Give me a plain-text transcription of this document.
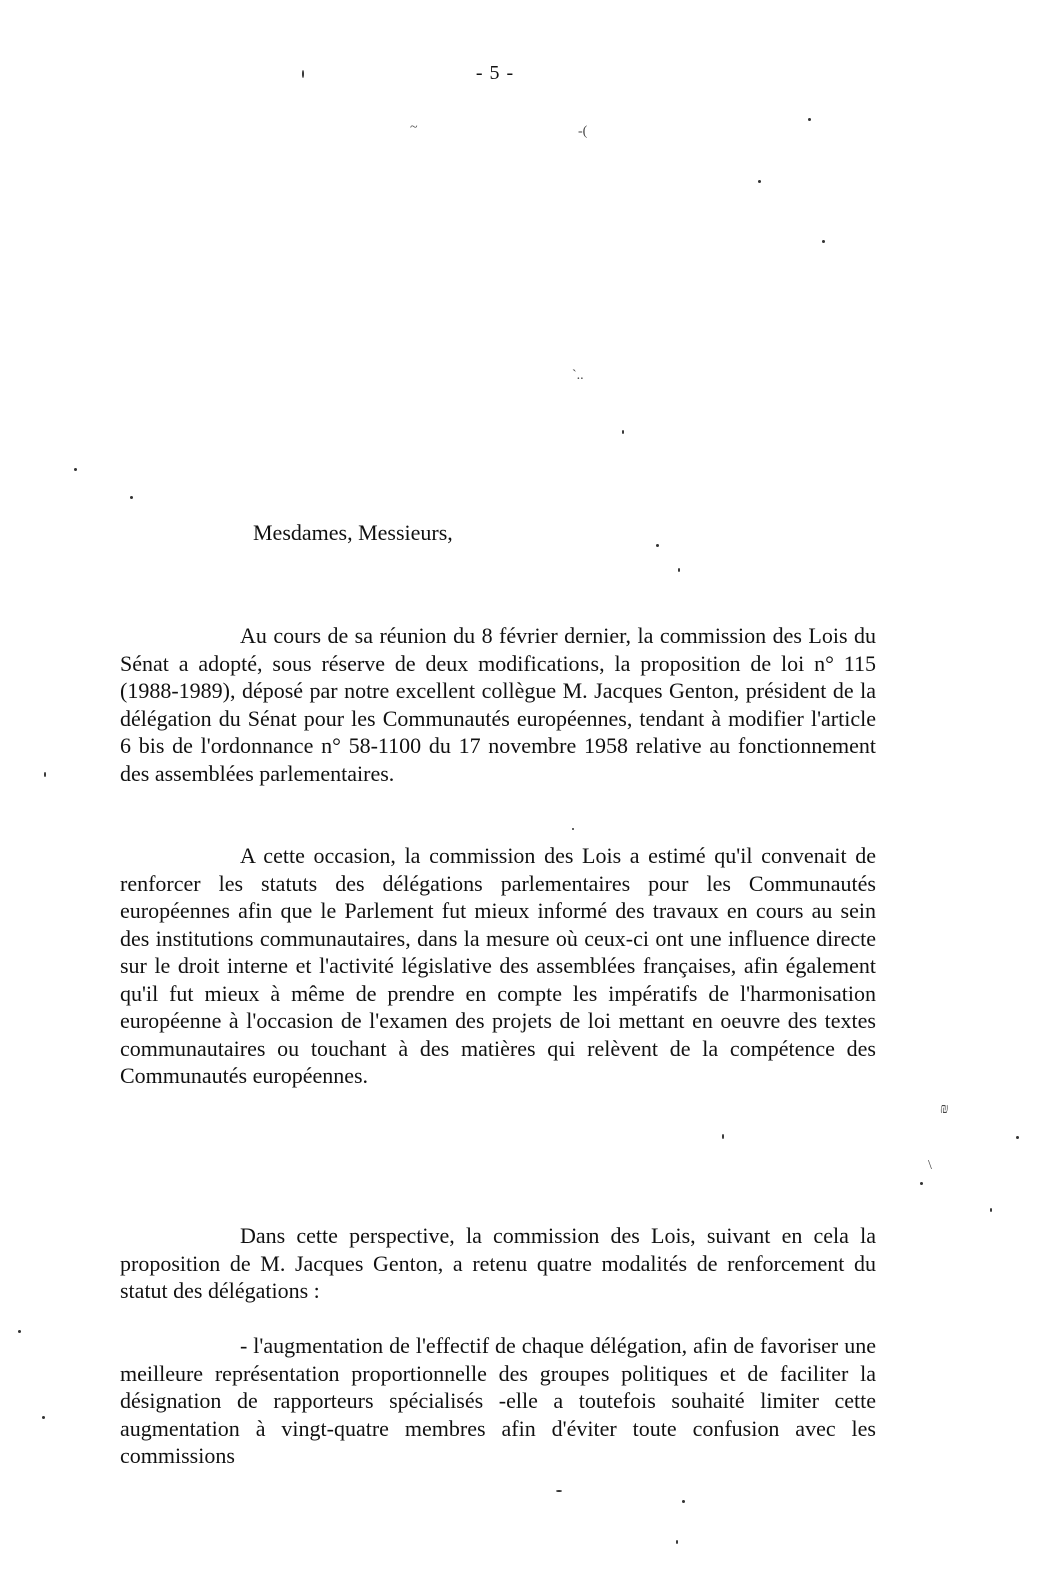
- 5 -
Mesdames, Messieurs,

Au cours de sa réunion du 8 février dernier, la commission des Lois du Sénat a adopté, sous réserve de deux modifications, la proposition de loi n° 115 (1988-1989), déposé par notre excellent collègue M. Jacques Genton, président de la délégation du Sénat pour les Communautés européennes, tendant à modifier l'article 6 bis de l'ordonnance n° 58-1100 du 17 novembre 1958 relative au fonctionnement des assemblées parlementaires.

A cette occasion, la commission des Lois a estimé qu'il convenait de renforcer les statuts des délégations parlementaires pour les Communautés européennes afin que le Parlement fut mieux informé des travaux en cours au sein des institutions communautaires, dans la mesure où ceux-ci ont une influence directe sur le droit interne et l'activité législative des assemblées françaises, afin également qu'il fut mieux à même de prendre en compte les impératifs de l'harmonisation européenne à l'occasion de l'examen des projets de loi mettant en oeuvre des textes communautaires ou touchant à des matières qui relèvent de la compétence des Communautés européennes.

Dans cette perspective, la commission des Lois, suivant en cela la proposition de M. Jacques Genton, a retenu quatre modalités de renforcement du statut des délégations :

- l'augmentation de l'effectif de chaque délégation, afin de favoriser une meilleure représentation proportionnelle des groupes politiques et de faciliter la désignation de rapporteurs spécialisés -elle a toutefois souhaité limiter cette augmentation à vingt-quatre membres afin d'éviter toute confusion avec les commissions

~	-(
`..
₪
\
